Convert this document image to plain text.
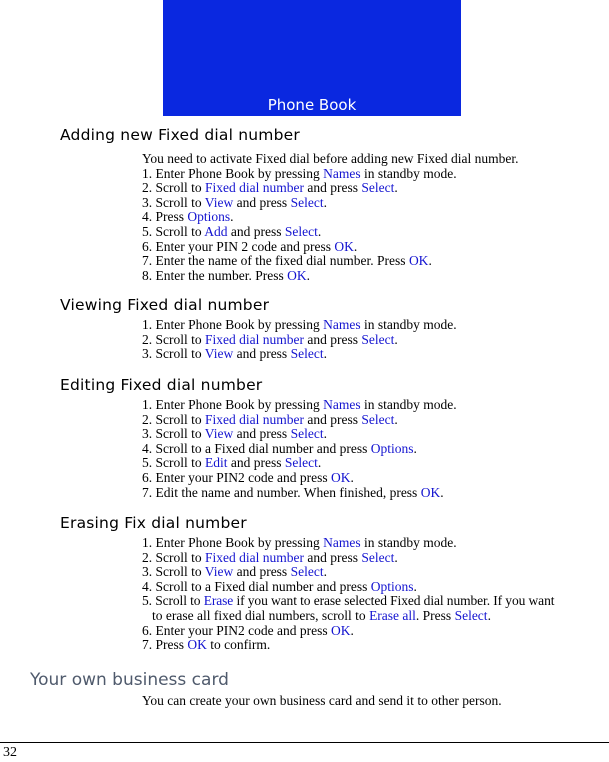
Phone Book
Adding new Fixed dial number
You need to activate Fixed dial before adding new Fixed dial number.
1. Enter Phone Book by pressing Names in standby mode.
2. Scroll to Fixed dial number and press Select.
3. Scroll to View and press Select.
4. Press Options.
5. Scroll to Add and press Select.
6. Enter your PIN 2 code and press OK.
7. Enter the name of the fixed dial number. Press OK.
8. Enter the number. Press OK.
Viewing Fixed dial number
1. Enter Phone Book by pressing Names in standby mode.
2. Scroll to Fixed dial number and press Select.
3. Scroll to View and press Select.
Editing Fixed dial number
1. Enter Phone Book by pressing Names in standby mode.
2. Scroll to Fixed dial number and press Select.
3. Scroll to View and press Select.
4. Scroll to a Fixed dial number and press Options.
5. Scroll to Edit and press Select.
6. Enter your PIN2 code and press OK.
7. Edit the name and number. When finished, press OK.
Erasing Fix dial number
1. Enter Phone Book by pressing Names in standby mode.
2. Scroll to Fixed dial number and press Select.
3. Scroll to View and press Select.
4. Scroll to a Fixed dial number and press Options.
5. Scroll to Erase if you want to erase selected Fixed dial number. If you want
to erase all fixed dial numbers, scroll to Erase all. Press Select.
6. Enter your PIN2 code and press OK.
7. Press OK to confirm.
Your own business card
You can create your own business card and send it to other person.
32
